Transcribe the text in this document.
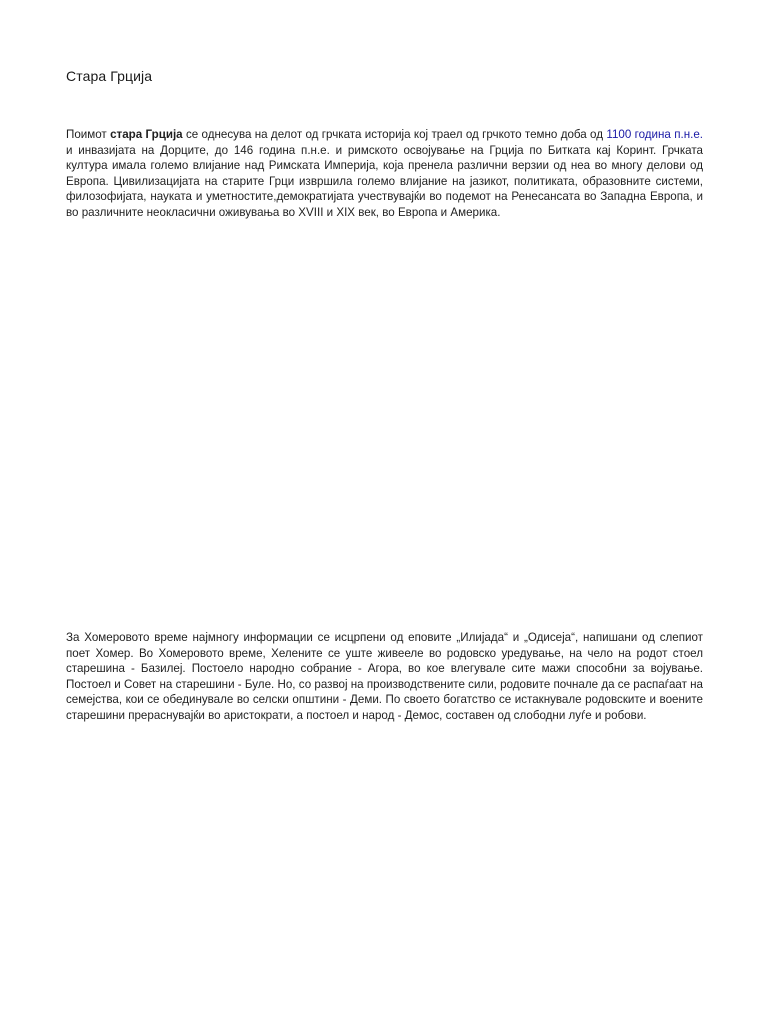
Стара Грција

Поимот стара Грција се однесува на делот од грчката историја кој траел од грчкото темно доба од 1100 година п.н.е. и инвазијата на Дорците, до 146 година п.н.е. и римското освојување на Грција по Битката кај Коринт. Грчката култура имала големо влијание над Римската Империја, која пренела различни верзии од неа во многу делови од Европа. Цивилизацијата на старите Грци извршила големо влијание на јазикот, политиката, образовните системи, филозофијата, науката и уметностите,демократијата учествувајќи во подемот на Ренесансата во Западна Европа, и во различните неокласични оживувања во XVIII и XIX век, во Европа и Америка.

За Хомеровото време најмногу информации се исцрпени од еповите „Илијада“ и „Одисеја“, напишани од слепиот поет Хомер. Во Хомеровото време, Хелените се уште живееле во родовско уредување, на чело на родот стоел старешина - Базилеј. Постоело народно собрание - Агора, во кое влегувале сите мажи способни за војување. Постоел и Совет на старешини - Буле. Но, со развој на производствените сили, родовите почнале да се распаѓаат на семејства, кои се обединувале во селски општини - Деми. По своето богатство се истакнувале родовските и воените старешини прераснувајќи во аристократи, а постоел и народ - Демос, составен од слободни луѓе и робови.
